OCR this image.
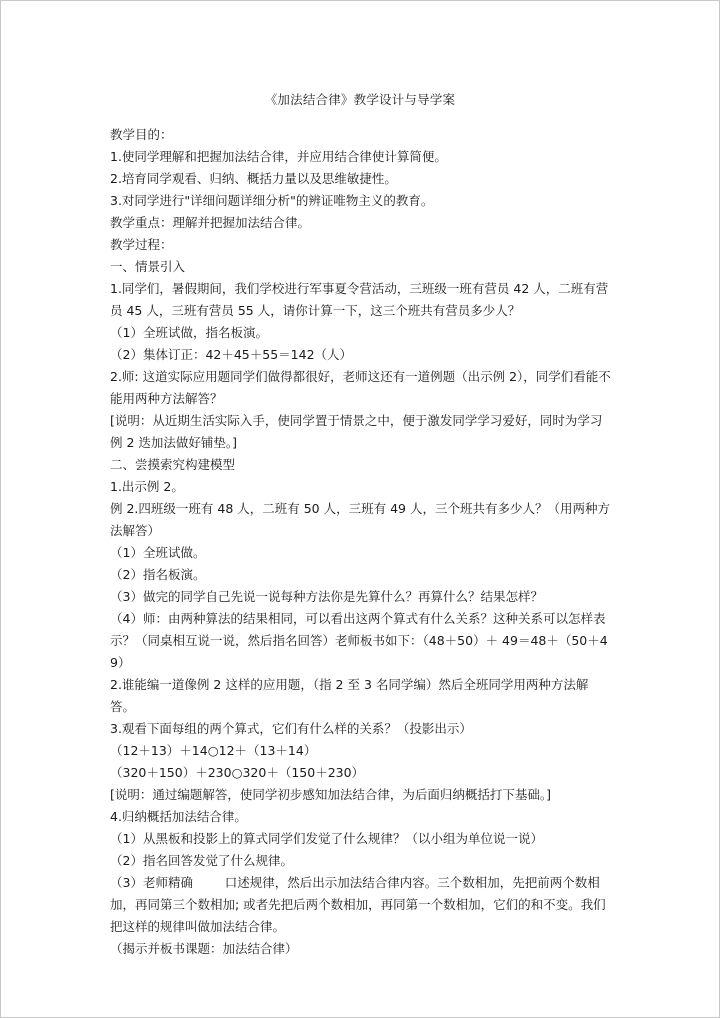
《加法结合律》教学设计与导学案
教学目的：
1.使同学理解和把握加法结合律，并应用结合律使计算简便。
2.培育同学观看、归纳、概括力量以及思维敏捷性。
3.对同学进行"详细问题详细分析"的辨证唯物主义的教育。
教学重点：理解并把握加法结合律。
教学过程：
一、情景引入
1.同学们，暑假期间，我们学校进行军事夏令营活动，三班级一班有营员 42 人，二班有营员 45 人，三班有营员 55 人，请你计算一下，这三个班共有营员多少人？
（1）全班试做，指名板演。
（2）集体订正：42＋45＋55＝142（人）
2.师: 这道实际应用题同学们做得都很好，老师这还有一道例题（出示例 2），同学们看能不能用两种方法解答？
[说明：从近期生活实际入手，使同学置于情景之中，便于激发同学学习爱好，同时为学习例 2 迭加法做好铺垫。]
二、尝摸索究构建模型
1.出示例 2。
例 2.四班级一班有 48 人，二班有 50 人，三班有 49 人，三个班共有多少人？（用两种方法解答）
（1）全班试做。
（2）指名板演。
（3）做完的同学自己先说一说每种方法你是先算什么？再算什么？结果怎样？
（4）师：由两种算法的结果相同，可以看出这两个算式有什么关系？这种关系可以怎样表示？（同桌相互说一说，然后指名回答）老师板书如下：（48＋50）＋ 49＝48＋（50＋49）
2.谁能编一道像例 2 这样的应用题，（指 2 至 3 名同学编）然后全班同学用两种方法解答。
3.观看下面每组的两个算式，它们有什么样的关系？（投影出示）
（12＋13）＋14○12＋（13＋14）
（320＋150）＋230○320＋（150＋230）
[说明：通过编题解答，使同学初步感知加法结合律，为后面归纳概括打下基础。]
4.归纳概括加法结合律。
（1）从黑板和投影上的算式同学们发觉了什么规律？（以小组为单位说一说）
（2）指名回答发觉了什么规律。
（3）老师精确        口述规律，然后出示加法结合律内容。三个数相加，先把前两个数相加，再同第三个数相加; 或者先把后两个数相加，再同第一个数相加，它们的和不变。我们把这样的规律叫做加法结合律。
（揭示并板书课题：加法结合律）
